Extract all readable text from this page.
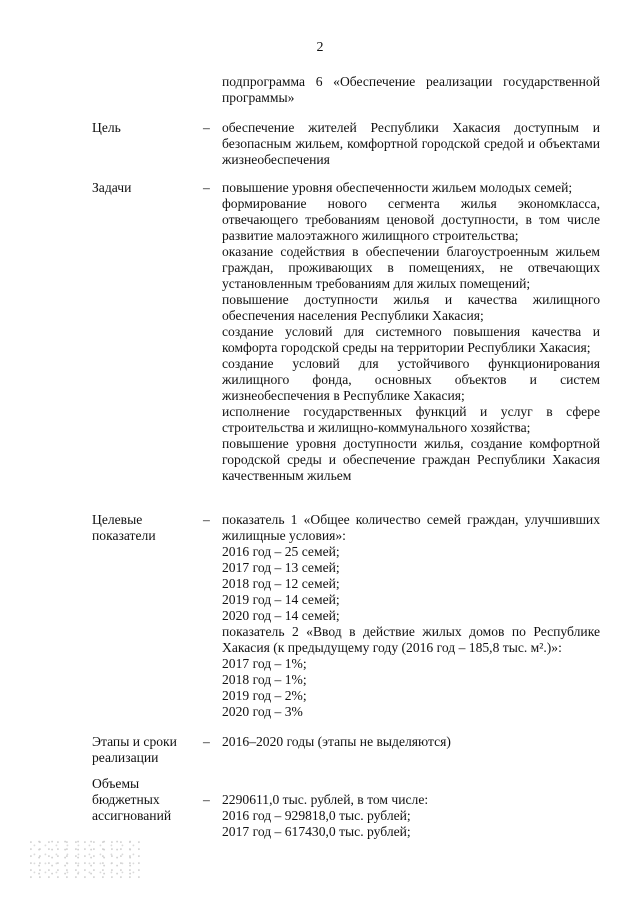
2
подпрограмма 6 «Обеспечение реализации государственной программы»
Цель	– обеспечение жителей Республики Хакасия доступным и безопасным жильем, комфортной городской средой и объектами жизнеобеспечения
Задачи	– повышение уровня обеспеченности жильем молодых семей;
формирование нового сегмента жилья экономкласса, отвечающего требованиям ценовой доступности, в том числе развитие малоэтажного жилищного строительства;
оказание содействия в обеспечении благоустроенным жильем граждан, проживающих в помещениях, не отвечающих установленным требованиям для жилых помещений;
повышение доступности жилья и качества жилищного обеспечения населения Республики Хакасия;
создание условий для системного повышения качества и комфорта городской среды на территории Республики Хакасия;
создание условий для устойчивого функционирования жилищного фонда, основных объектов и систем жизнеобеспечения в Республике Хакасия;
исполнение государственных функций и услуг в сфере строительства и жилищно-коммунального хозяйства;
повышение уровня доступности жилья, создание комфортной городской среды и обеспечение граждан Республики Хакасия качественным жильем
Целевые показатели
– показатель 1 «Общее количество семей граждан, улучшивших жилищные условия»:
2016 год – 25 семей;
2017 год – 13 семей;
2018 год – 12 семей;
2019 год – 14 семей;
2020 год – 14 семей;
показатель 2 «Ввод в действие жилых домов по Республике Хакасия (к предыдущему году (2016 год – 185,8 тыс. м².)»:
2017 год – 1%;
2018 год – 1%;
2019 год – 2%;
2020 год – 3%
Этапы и сроки реализации
– 2016–2020 годы (этапы не выделяются)
Объемы бюджетных ассигнований
– 2290611,0 тыс. рублей, в том числе:
2016 год – 929818,0 тыс. рублей;
2017 год – 617430,0 тыс. рублей;
